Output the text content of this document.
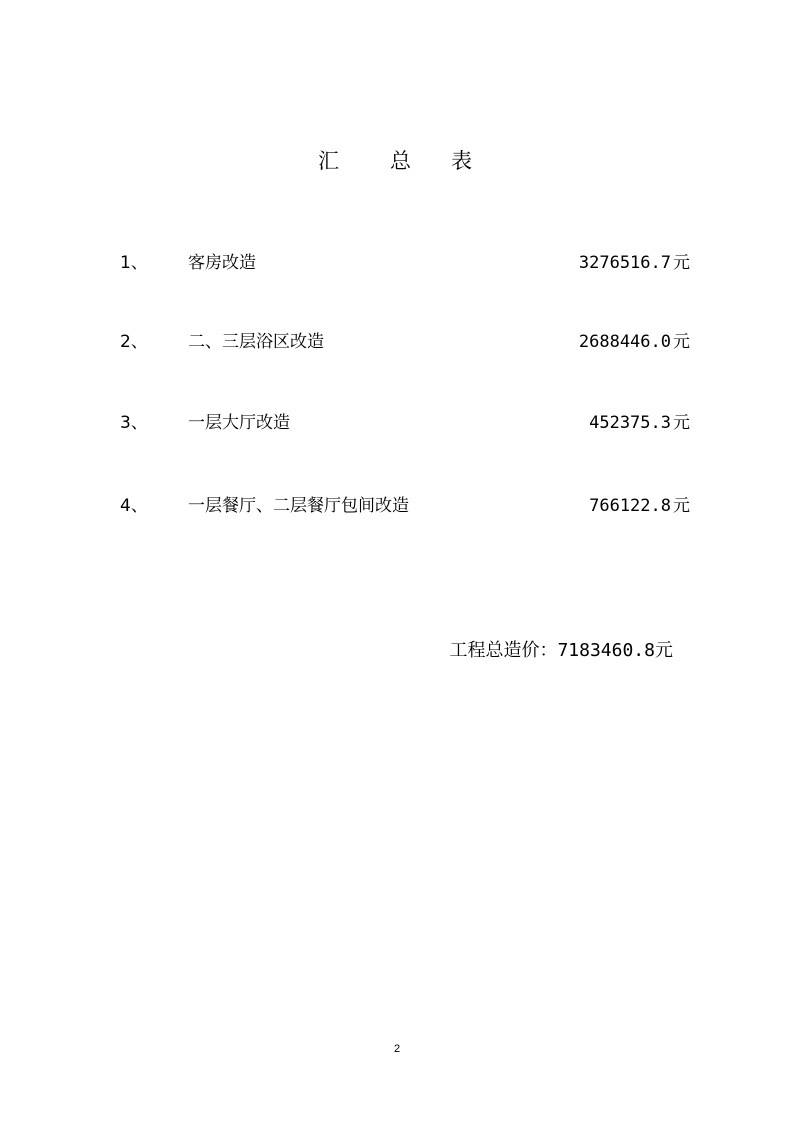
汇 总 表
1、 客房改造	3276516.7 元
2、 二、三层浴区改造	2688446.0 元
3、 一层大厅改造	452375.3 元
4、 一层餐厅、二层餐厅包间改造	766122.8 元
工程总造价：7183460.8元
2
